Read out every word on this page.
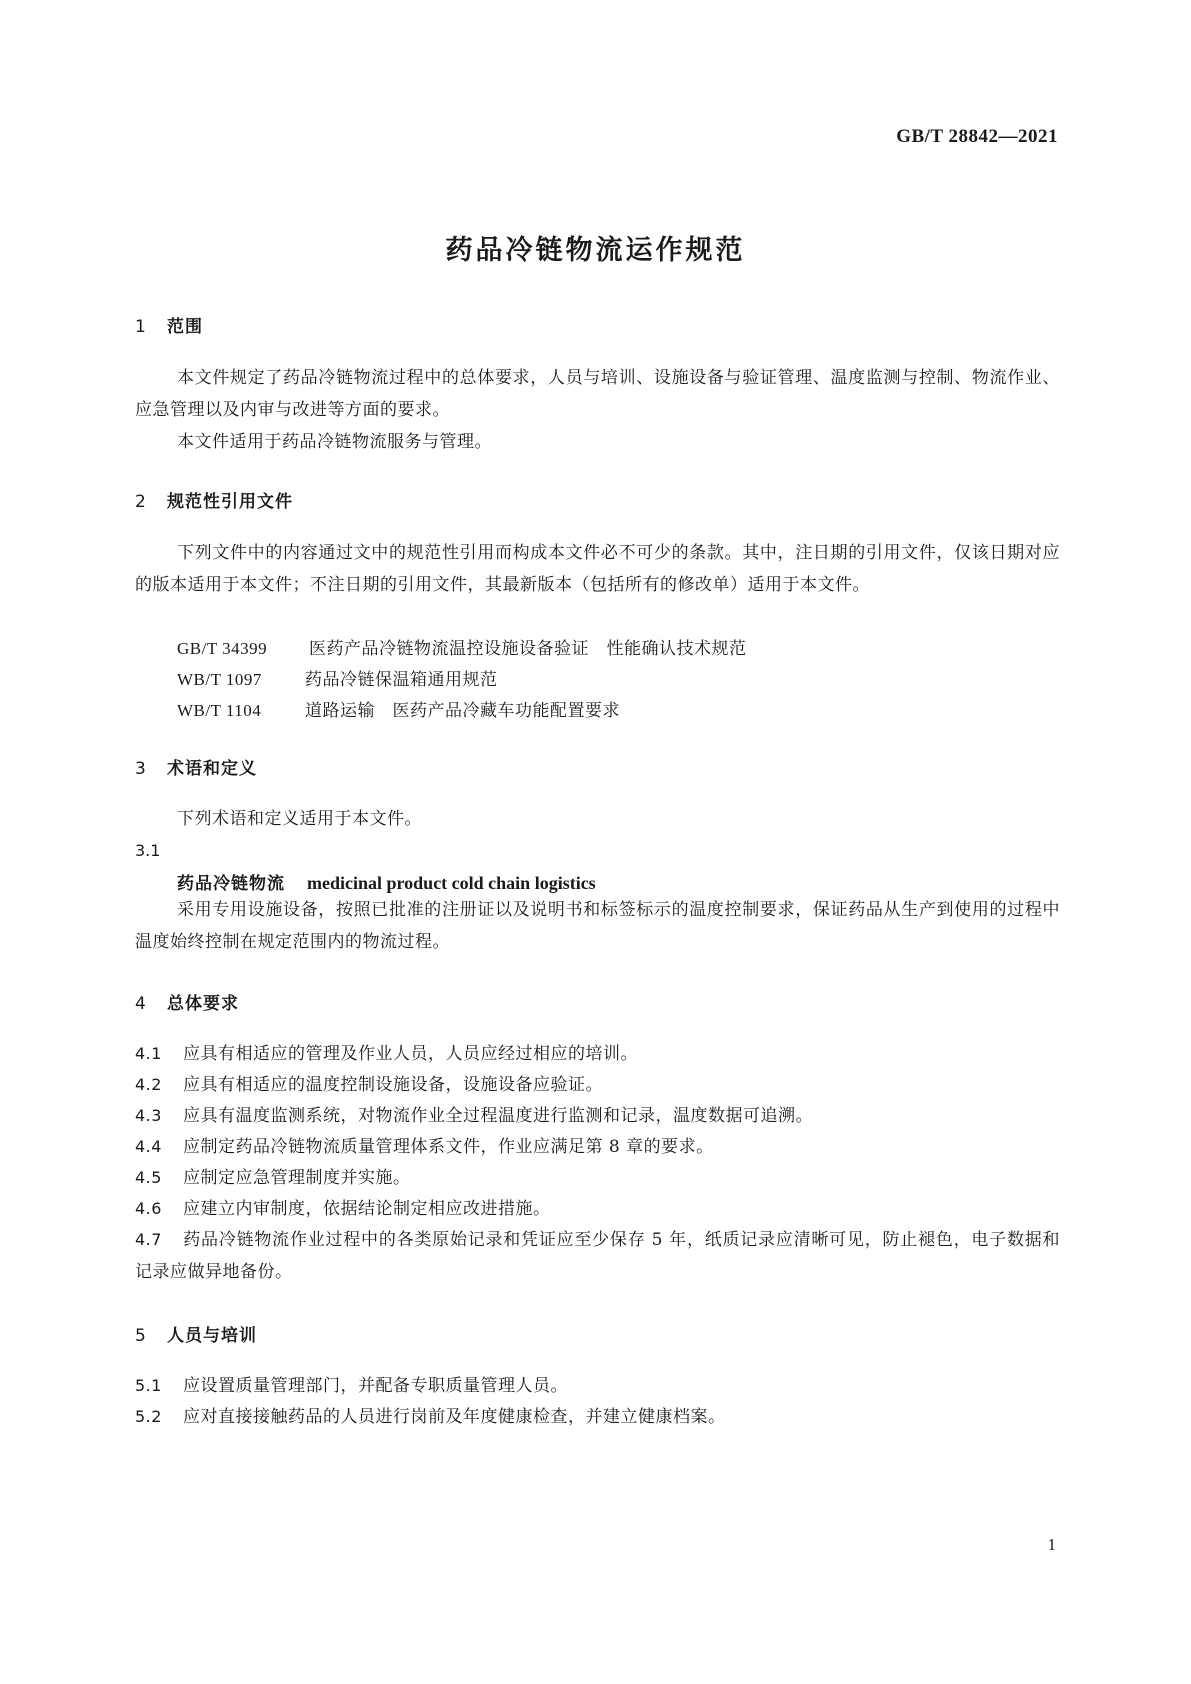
GB/T 28842—2021
药品冷链物流运作规范
1 范围

本文件规定了药品冷链物流过程中的总体要求，人员与培训、设施设备与验证管理、温度监测与控制、物流作业、应急管理以及内审与改进等方面的要求。

本文件适用于药品冷链物流服务与管理。

2 规范性引用文件

下列文件中的内容通过文中的规范性引用而构成本文件必不可少的条款。其中，注日期的引用文件，仅该日期对应的版本适用于本文件；不注日期的引用文件，其最新版本（包括所有的修改单）适用于本文件。

GB/T 34399 医药产品冷链物流温控设施设备验证　性能确认技术规范
WB/T 1097	药品冷链保温箱通用规范
WB/T 1104	道路运输　医药产品冷藏车功能配置要求
3 术语和定义

下列术语和定义适用于本文件。

3.1
药品冷链物流 medicinal product cold chain logistics

采用专用设施设备，按照已批准的注册证以及说明书和标签标示的温度控制要求，保证药品从生产到使用的过程中温度始终控制在规定范围内的物流过程。

4 总体要求

4.1 应具有相适应的管理及作业人员，人员应经过相应的培训。

4.2 应具有相适应的温度控制设施设备，设施设备应验证。

4.3 应具有温度监测系统，对物流作业全过程温度进行监测和记录，温度数据可追溯。

4.4 应制定药品冷链物流质量管理体系文件，作业应满足第 8 章的要求。

4.5 应制定应急管理制度并实施。

4.6 应建立内审制度，依据结论制定相应改进措施。

4.7 药品冷链物流作业过程中的各类原始记录和凭证应至少保存 5 年，纸质记录应清晰可见，防止褪色，电子数据和记录应做异地备份。

5 人员与培训

5.1 应设置质量管理部门，并配备专职质量管理人员。

5.2 应对直接接触药品的人员进行岗前及年度健康检查，并建立健康档案。

1
